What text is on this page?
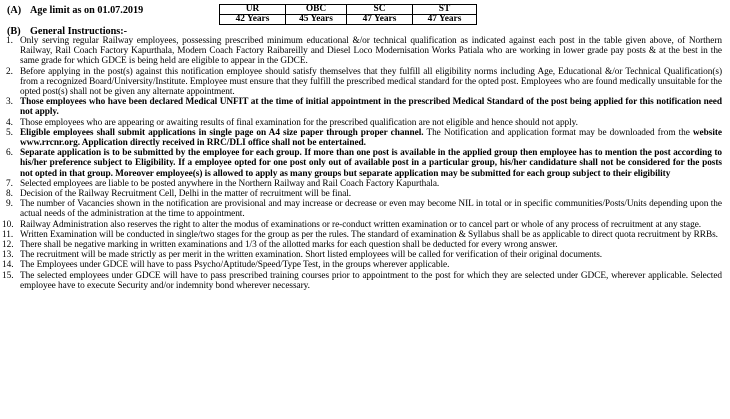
(A) Age limit as on 01.07.2019	UR	OBC	SC	ST
42 Years	45 Years	47 Years	47 Years
(B) General Instructions:-
1. Only serving regular Railway employees, possessing prescribed minimum educational &/or technical qualification as indicated against each post in the table given above, of Northern Railway, Rail Coach Factory Kapurthala, Modern Coach Factory Raibareilly and Diesel Loco Modernisation Works Patiala who are working in lower grade pay posts & at the best in the same grade for which GDCE is being held are eligible to appear in the GDCE.
2. Before applying in the post(s) against this notification employee should satisfy themselves that they fulfill all eligibility norms including Age, Educational &/or Technical Qualification(s) from a recognized Board/University/Institute. Employee must ensure that they fulfill the prescribed medical standard for the opted post. Employees who are found medically unsuitable for the opted post(s) shall not be given any alternate appointment.
3. Those employees who have been declared Medical UNFIT at the time of initial appointment in the prescribed Medical Standard of the post being applied for this notification need not apply.
4. Those employees who are appearing or awaiting results of final examination for the prescribed qualification are not eligible and hence should not apply.
5. Eligible employees shall submit applications in single page on A4 size paper through proper channel. The Notification and application format may be downloaded from the website www.rrcnr.org. Application directly received in RRC/DLI office shall not be entertained.
6. Separate application is to be submitted by the employee for each group. If more than one post is available in the applied group then employee has to mention the post according to his/her preference subject to Eligibility. If a employee opted for one post only out of available post in a particular group, his/her candidature shall not be considered for the posts not opted in that group. Moreover employee(s) is allowed to apply as many groups but separate application may be submitted for each group subject to their eligibility
7. Selected employees are liable to be posted anywhere in the Northern Railway and Rail Coach Factory Kapurthala.
8. Decision of the Railway Recruitment Cell, Delhi in the matter of recruitment will be final.
9. The number of Vacancies shown in the notification are provisional and may increase or decrease or even may become NIL in total or in specific communities/Posts/Units depending upon the actual needs of the administration at the time to appointment.
10. Railway Administration also reserves the right to alter the modus of examinations or re-conduct written examination or to cancel part or whole of any process of recruitment at any stage.
11. Written Examination will be conducted in single/two stages for the group as per the rules. The standard of examination & Syllabus shall be as applicable to direct quota recruitment by RRBs.
12. There shall be negative marking in written examinations and 1/3 of the allotted marks for each question shall be deducted for every wrong answer.
13. The recruitment will be made strictly as per merit in the written examination. Short listed employees will be called for verification of their original documents.
14. The Employees under GDCE will have to pass Psycho/Aptitude/Speed/Type Test, in the groups wherever applicable.
15. The selected employees under GDCE will have to pass prescribed training courses prior to appointment to the post for which they are selected under GDCE, wherever applicable. Selected employee have to execute Security and/or indemnity bond wherever necessary.
